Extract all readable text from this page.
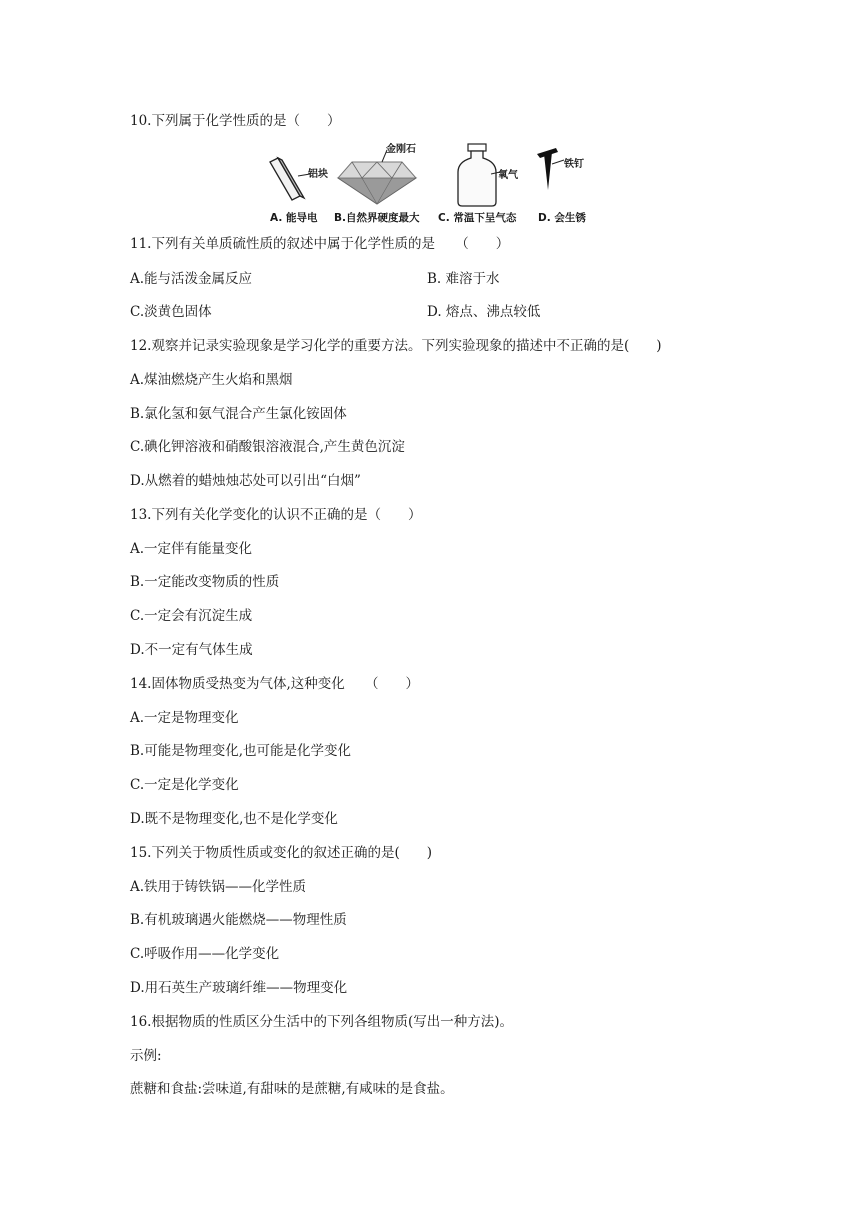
10.下列属于化学性质的是（　　）
铝块
金刚石
氧气
铁钉
A. 能导电 B.自然界硬度最大 C. 常温下呈气态 D. 会生锈
11.下列有关单质硫性质的叙述中属于化学性质的是　　（　　）
A.能与活泼金属反应	B. 难溶于水
C.淡黄色固体	D. 熔点、沸点较低
12.观察并记录实验现象是学习化学的重要方法。下列实验现象的描述中不正确的是(　　)
A.煤油燃烧产生火焰和黑烟
B.氯化氢和氨气混合产生氯化铵固体
C.碘化钾溶液和硝酸银溶液混合,产生黄色沉淀
D.从燃着的蜡烛烛芯处可以引出“白烟”
13.下列有关化学变化的认识不正确的是（　　）
A.一定伴有能量变化
B.一定能改变物质的性质
C.一定会有沉淀生成
D.不一定有气体生成
14.固体物质受热变为气体,这种变化　　（　　）
A.一定是物理变化
B.可能是物理变化,也可能是化学变化
C.一定是化学变化
D.既不是物理变化,也不是化学变化
15.下列关于物质性质或变化的叙述正确的是(　　)
A.铁用于铸铁锅——化学性质
B.有机玻璃遇火能燃烧——物理性质
C.呼吸作用——化学变化
D.用石英生产玻璃纤维——物理变化
16.根据物质的性质区分生活中的下列各组物质(写出一种方法)。
示例:
蔗糖和食盐:尝味道,有甜味的是蔗糖,有咸味的是食盐。
